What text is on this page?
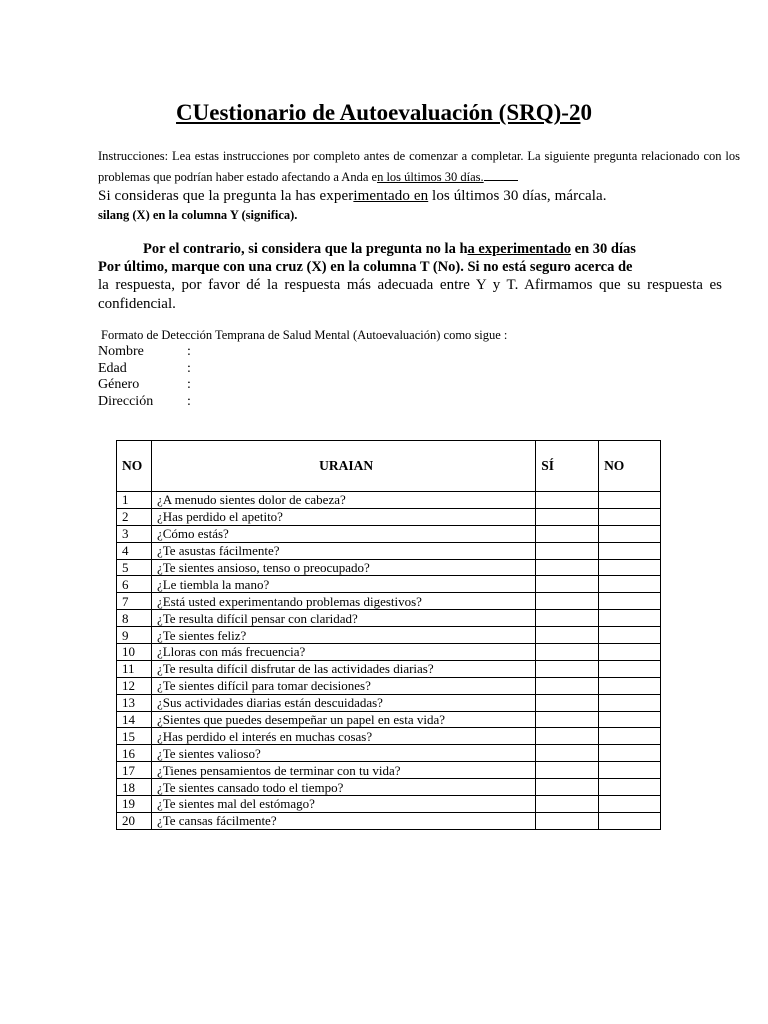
CUestionario de Autoevaluación (SRQ)-20
Instrucciones: Lea estas instrucciones por completo antes de comenzar a completar. La siguiente pregunta relacionado con los problemas que podrían haber estado afectando a Anda en los últimos 30 días.
Si consideras que la pregunta la has experimentado en los últimos 30 días, márcala.
silang (X) en la columna Y (significa).
Por el contrario, si considera que la pregunta no la ha experimentado en 30 días
Por último, marque con una cruz (X) en la columna T (No). Si no está seguro acerca de
la respuesta, por favor dé la respuesta más adecuada entre Y y T. Afirmamos que su respuesta es confidencial.
Formato de Detección Temprana de Salud Mental (Autoevaluación) como sigue :
Nombre	:
Edad	:
Género	:
Dirección :
NO	URAIAN	SÍ	NO
1	¿A menudo sientes dolor de cabeza?		
2	¿Has perdido el apetito?		
3	¿Cómo estás?		
4	¿Te asustas fácilmente?		
5	¿Te sientes ansioso, tenso o preocupado?		
6	¿Le tiembla la mano?		
7	¿Está usted experimentando problemas digestivos?		
8	¿Te resulta difícil pensar con claridad?		
9	¿Te sientes feliz?		
10	¿Lloras con más frecuencia?		
11	¿Te resulta difícil disfrutar de las actividades diarias?		
12	¿Te sientes difícil para tomar decisiones?		
13	¿Sus actividades diarias están descuidadas?		
14	¿Sientes que puedes desempeñar un papel en esta vida?		
15	¿Has perdido el interés en muchas cosas?		
16	¿Te sientes valioso?		
17	¿Tienes pensamientos de terminar con tu vida?		
18	¿Te sientes cansado todo el tiempo?		
19	¿Te sientes mal del estómago?		
20	¿Te cansas fácilmente?		
